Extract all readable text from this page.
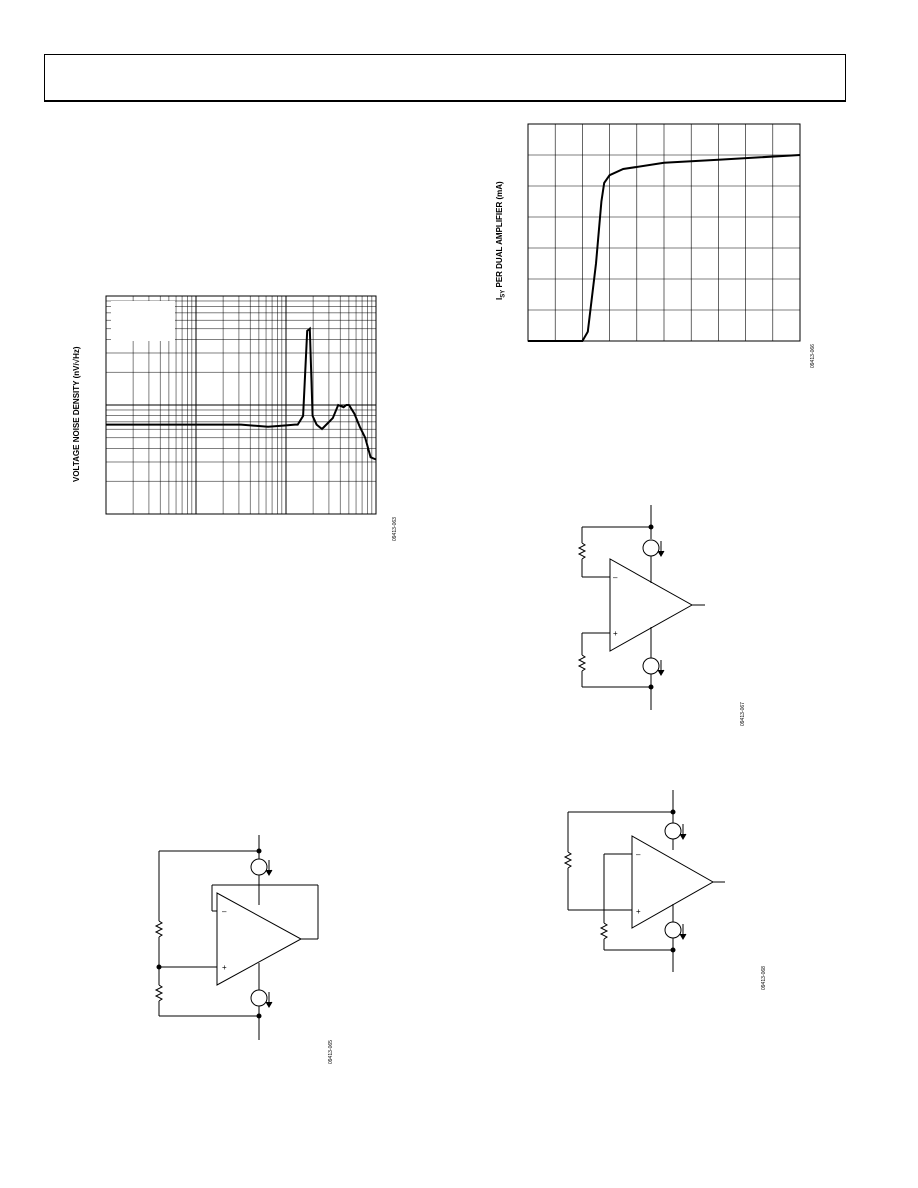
VOLTAGE NOISE DENSITY (nV/√Hz)
09413-063
$I_{SY}$ PER DUAL AMPLIFIER (mA)
09413-066
–
+
09413-067
–
+
09413-068
–
+
09413-065
